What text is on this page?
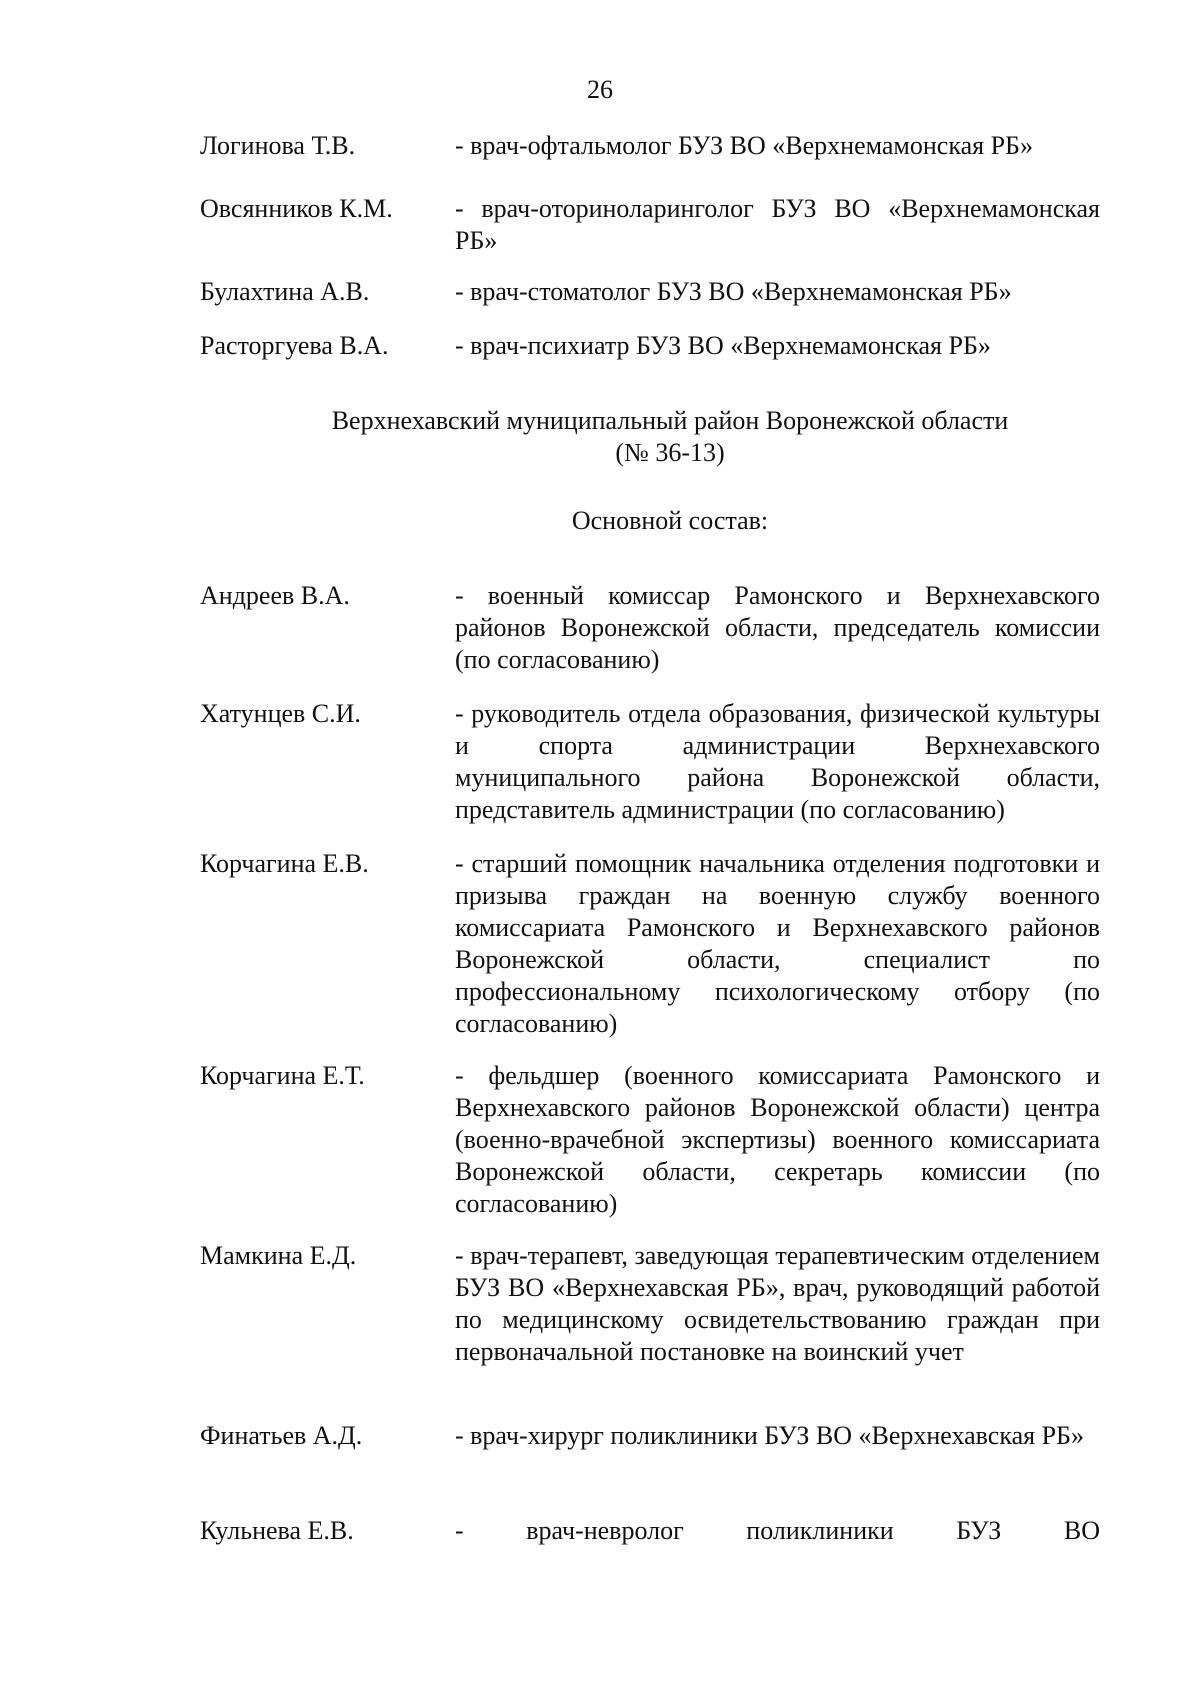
26
Логинова Т.В.	- врач-офтальмолог БУЗ ВО «Верхнемамонская РБ»
Овсянников К.М. - врач-оториноларинголог БУЗ ВО «Верхнемамонская РБ»
Булахтина А.В.	- врач-стоматолог БУЗ ВО «Верхнемамонская РБ»
Расторгуева В.А.	- врач-психиатр БУЗ ВО «Верхнемамонская РБ»
Верхнехавский муниципальный район Воронежской области
(№ 36-13)
Основной состав:
Андреев В.А.	- военный комиссар Рамонского и Верхнехавского районов Воронежской области, председатель комиссии (по согласованию)
Хатунцев С.И.	- руководитель отдела образования, физической культуры и спорта администрации Верхнехавского муниципального района Воронежской области, представитель администрации (по согласованию)
Корчагина Е.В.	- старший помощник начальника отделения подготовки и призыва граждан на военную службу военного комиссариата Рамонского и Верхнехавского районов Воронежской области, специалист по профессиональному психологическому отбору (по согласованию)
Корчагина Е.Т.	- фельдшер (военного комиссариата Рамонского и Верхнехавского районов Воронежской области) центра (военно-врачебной экспертизы) военного комиссариата Воронежской области, секретарь комиссии (по согласованию)
Мамкина Е.Д.	- врач-терапевт, заведующая терапевтическим отделением БУЗ ВО «Верхнехавская РБ», врач, руководящий работой по медицинскому освидетельствованию граждан при первоначальной постановке на воинский учет
Финатьев А.Д.	- врач-хирург поликлиники БУЗ ВО «Верхнехавская РБ»
Кульнева Е.В.	- врач-невролог поликлиники БУЗ ВО
